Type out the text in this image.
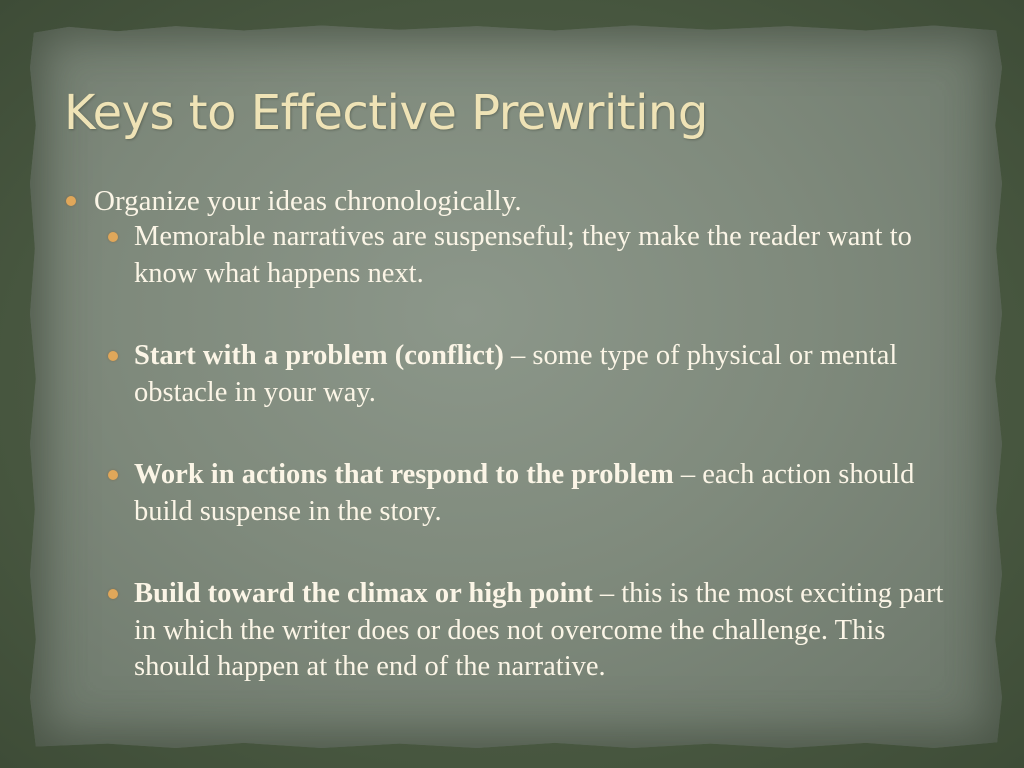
Keys to Effective Prewriting

Organize your ideas chronologically.

Memorable narratives are suspenseful; they make the reader want to know what happens next.

Start with a problem (conflict) – some type of physical or mental obstacle in your way.

Work in actions that respond to the problem – each action should build suspense in the story.

Build toward the climax or high point – this is the most exciting part in which the writer does or does not overcome the challenge. This should happen at the end of the narrative.
